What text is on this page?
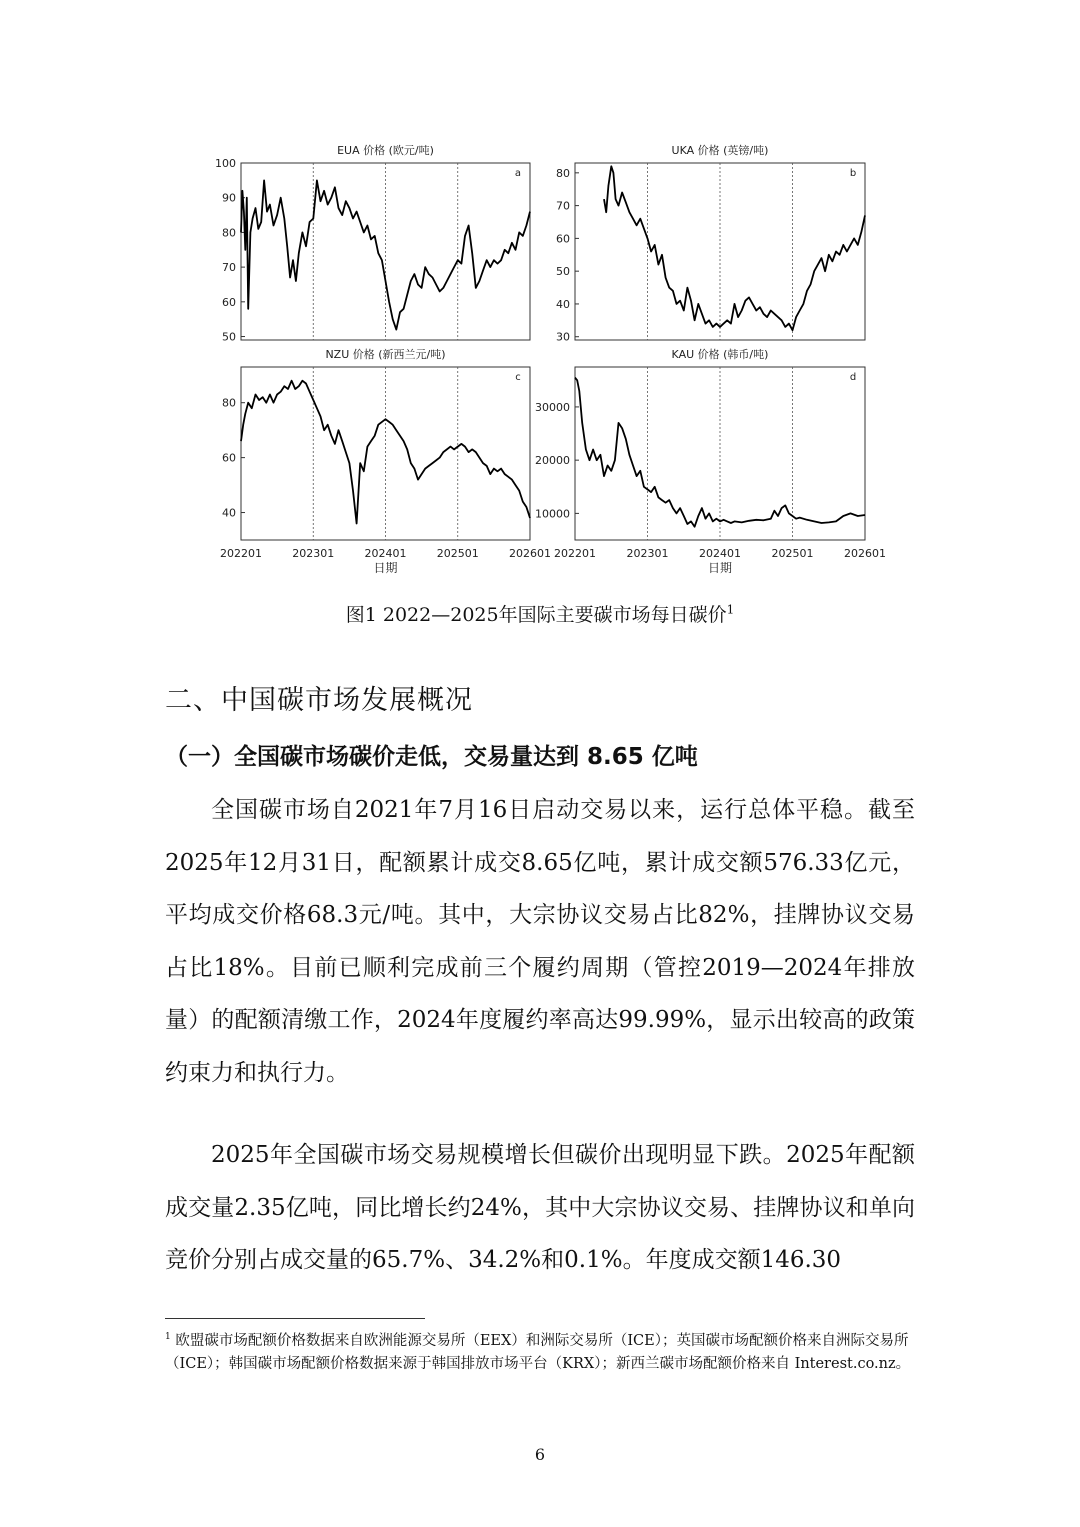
EUA 价格 (欧元/吨)
a
50
60
70
80
90
100
UKA 价格 (英镑/吨)
b
30
40
50
60
70
80
NZU 价格 (新西兰元/吨)
c
40
60
80
202201	202301	202401	202501	202601
日期
KAU 价格 (韩币/吨)
d
10000
20000
30000
202201	202301	202401	202501	202601
日期
图1 2022—2025年国际主要碳市场每日碳价$^1$
二、中国碳市场发展概况
（一）全国碳市场碳价走低，交易量达到 8.65 亿吨

全国碳市场自2021年7月16日启动交易以来，运行总体平稳。截至2025年12月31日，配额累计成交8.65亿吨，累计成交额576.33亿元，平均成交价格68.3元/吨。其中，大宗协议交易占比82%，挂牌协议交易占比18%。目前已顺利完成前三个履约周期（管控2019—2024年排放量）的配额清缴工作，2024年度履约率高达99.99%，显示出较高的政策约束力和执行力。

2025年全国碳市场交易规模增长但碳价出现明显下跌。2025年配额成交量2.35亿吨，同比增长约24%，其中大宗协议交易、挂牌协议和单向竞价分别占成交量的65.7%、34.2%和0.1%。年度成交额146.30

$^1$ 欧盟碳市场配额价格数据来自欧洲能源交易所（EEX）和洲际交易所（ICE）；英国碳市场配额价格来自洲际交易所（ICE）；韩国碳市场配额价格数据来源于韩国排放市场平台（KRX）；新西兰碳市场配额价格来自 Interest.co.nz。

6
